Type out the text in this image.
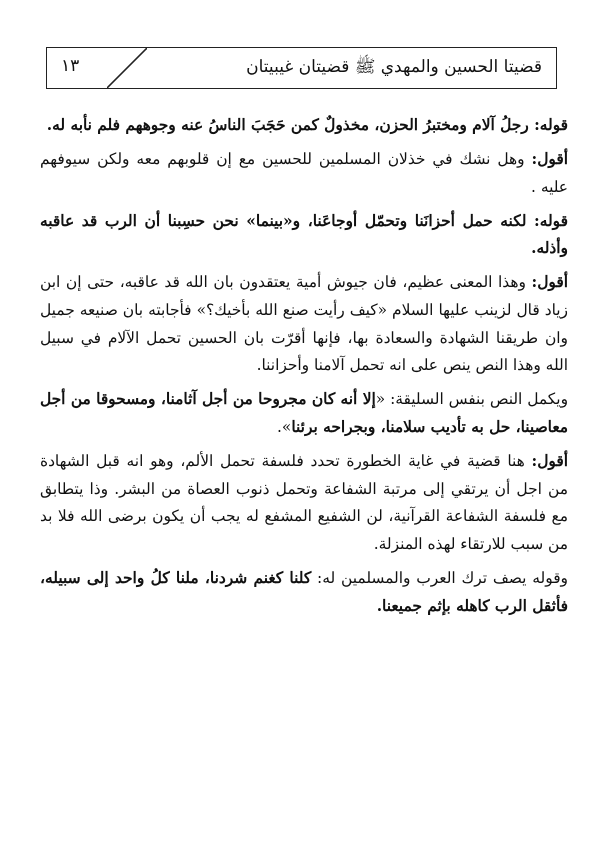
قضيتا الحسين والمهدي ﷺ قضيتان غيبيتان
١٣

قوله: رجلُ آلام ومختبرُ الحزن، مخذولٌ كمن حَجَبَ الناسُ عنه وجوههم فلم نأبه له.

أقول: وهل نشك في خذلان المسلمين للحسين مع إن قلوبهم معه ولكن سيوفهم عليه .

قوله: لكنه حمل أحزانَنا وتحمّل أوجاعَنا، و«بينما» نحن حسِبنا أن الرب قد عاقبه وأذله.

أقول: وهذا المعنى عظيم، فان جيوش أمية يعتقدون بان الله قد عاقبه، حتى إن ابن زياد قال لزينب عليها السلام «كيف رأيت صنع الله بأخيك؟» فأجابته بان صنيعه جميل وان طريقنا الشهادة والسعادة بها، فإنها أقرّت بان الحسين تحمل الآلام في سبيل الله وهذا النص ينص على انه تحمل آلامنا وأحزاننا.

ويكمل النص بنفس السليقة: «إلا أنه كان مجروحا من أجل آثامنا، ومسحوقا من أجل معاصينا، حل به تأديب سلامنا، وبجراحه برئنا».

أقول: هنا قضية في غاية الخطورة تحدد فلسفة تحمل الألم، وهو انه قبل الشهادة من اجل أن يرتقي إلى مرتبة الشفاعة وتحمل ذنوب العصاة من البشر. وذا يتطابق مع فلسفة الشفاعة القرآنية، لن الشفيع المشفع له يجب أن يكون برضى الله فلا بد من سبب للارتقاء لهذه المنزلة.

وقوله يصف ترك العرب والمسلمين له: كلنا كغنم شردنا، ملنا كلُ واحد إلى سبيله، فأثقل الرب كاهله بإثم جميعنا.
